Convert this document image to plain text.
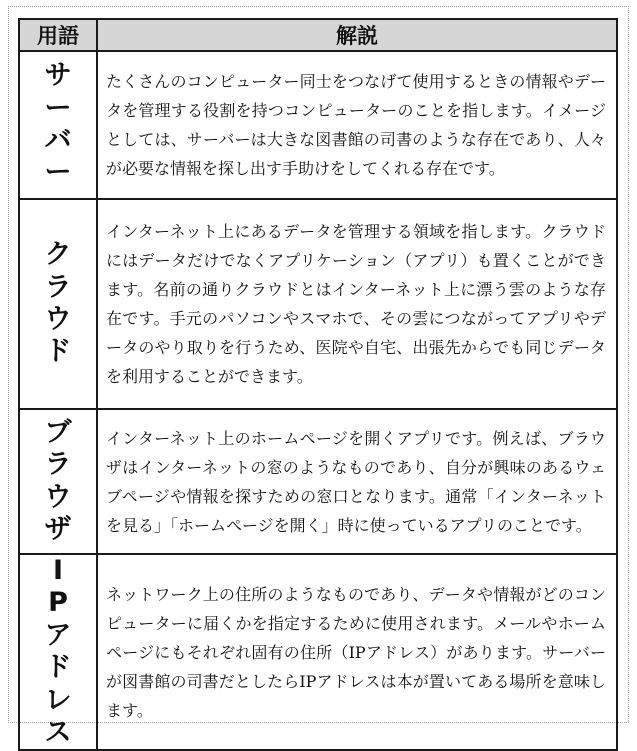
用語	解説
サーバー	たくさんのコンピューター同士をつなげて使用するときの情報やデータを管理する役割を持つコンピューターのことを指します。イメージとしては、サーバーは大きな図書館の司書のような存在であり、人々が必要な情報を探し出す手助けをしてくれる存在です。
クラウド	インターネット上にあるデータを管理する領域を指します。クラウドにはデータだけでなくアプリケーション（アプリ）も置くことができます。名前の通りクラウドとはインターネット上に漂う雲のような存在です。手元のパソコンやスマホで、その雲につながってアプリやデータのやり取りを行うため、医院や自宅、出張先からでも同じデータを利用することができます。
ブラウザ	インターネット上のホームページを開くアプリです。例えば、ブラウザはインターネットの窓のようなものであり、自分が興味のあるウェブページや情報を探すための窓口となります。通常「インターネットを見る」「ホームページを開く」時に使っているアプリのことです。
IPアドレス	ネットワーク上の住所のようなものであり、データや情報がどのコンピューターに届くかを指定するために使用されます。メールやホームページにもそれぞれ固有の住所（IPアドレス）があります。サーバーが図書館の司書だとしたらIPアドレスは本が置いてある場所を意味します。
